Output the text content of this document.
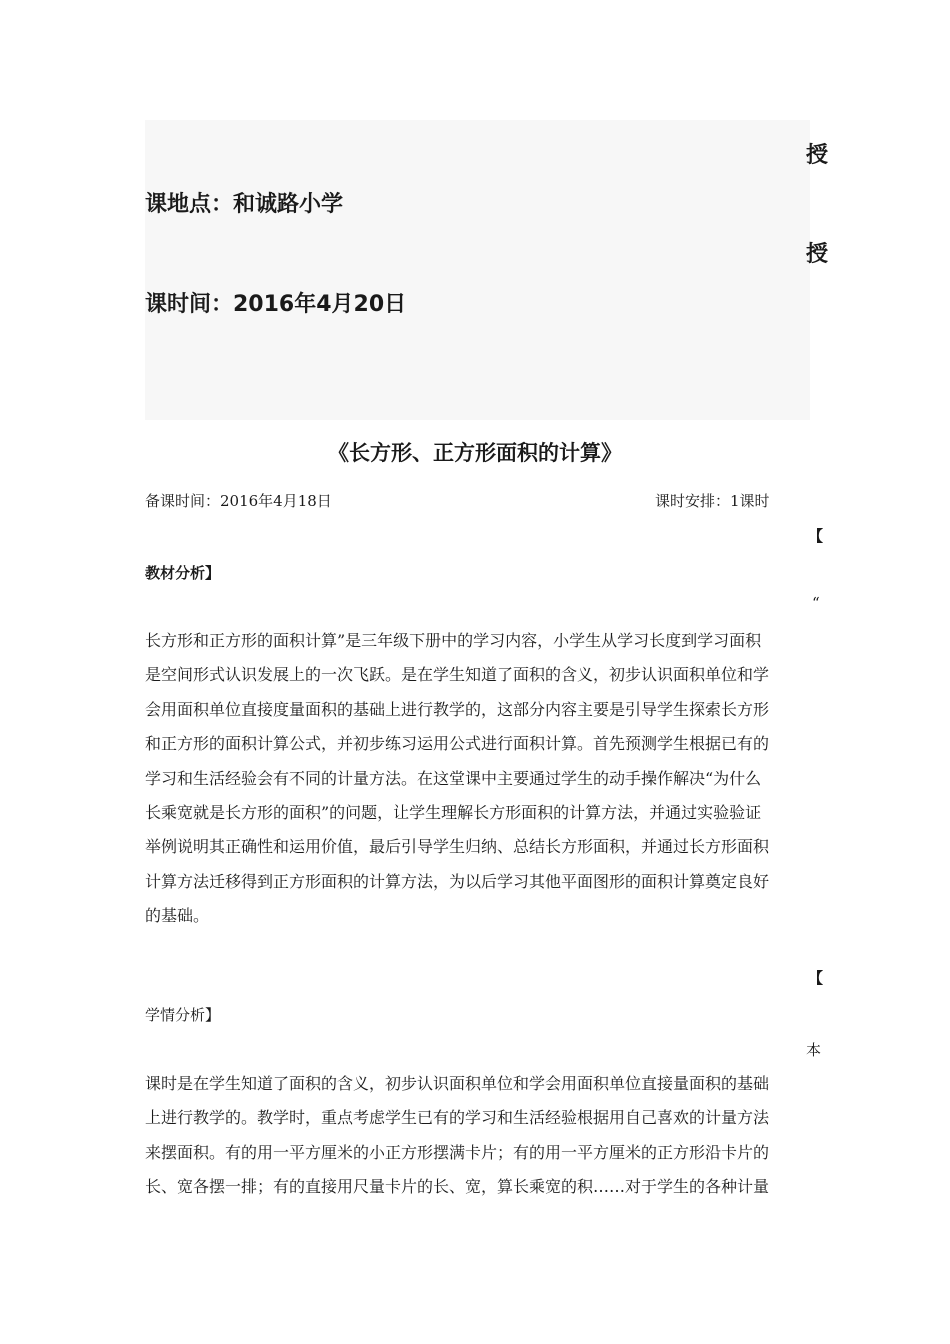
授
课地点：和诚路小学
授
课时间：2016年4月20日
《长方形、正方形面积的计算》
备课时间：2016年4月18日	课时安排：1课时
【
教材分析】
“
长方形和正方形的面积计算”是三年级下册中的学习内容，小学生从学习长度到学习面积
是空间形式认识发展上的一次飞跃。是在学生知道了面积的含义，初步认识面积单位和学
会用面积单位直接度量面积的基础上进行教学的，这部分内容主要是引导学生探索长方形
和正方形的面积计算公式，并初步练习运用公式进行面积计算。首先预测学生根据已有的
学习和生活经验会有不同的计量方法。在这堂课中主要通过学生的动手操作解决“为什么
长乘宽就是长方形的面积”的问题，让学生理解长方形面积的计算方法，并通过实验验证
举例说明其正确性和运用价值，最后引导学生归纳、总结长方形面积，并通过长方形面积
计算方法迁移得到正方形面积的计算方法，为以后学习其他平面图形的面积计算奠定良好
的基础。
【
学情分析】
本
课时是在学生知道了面积的含义，初步认识面积单位和学会用面积单位直接量面积的基础
上进行教学的。教学时，重点考虑学生已有的学习和生活经验根据用自己喜欢的计量方法
来摆面积。有的用一平方厘米的小正方形摆满卡片；有的用一平方厘米的正方形沿卡片的
长、宽各摆一排；有的直接用尺量卡片的长、宽，算长乘宽的积……对于学生的各种计量
